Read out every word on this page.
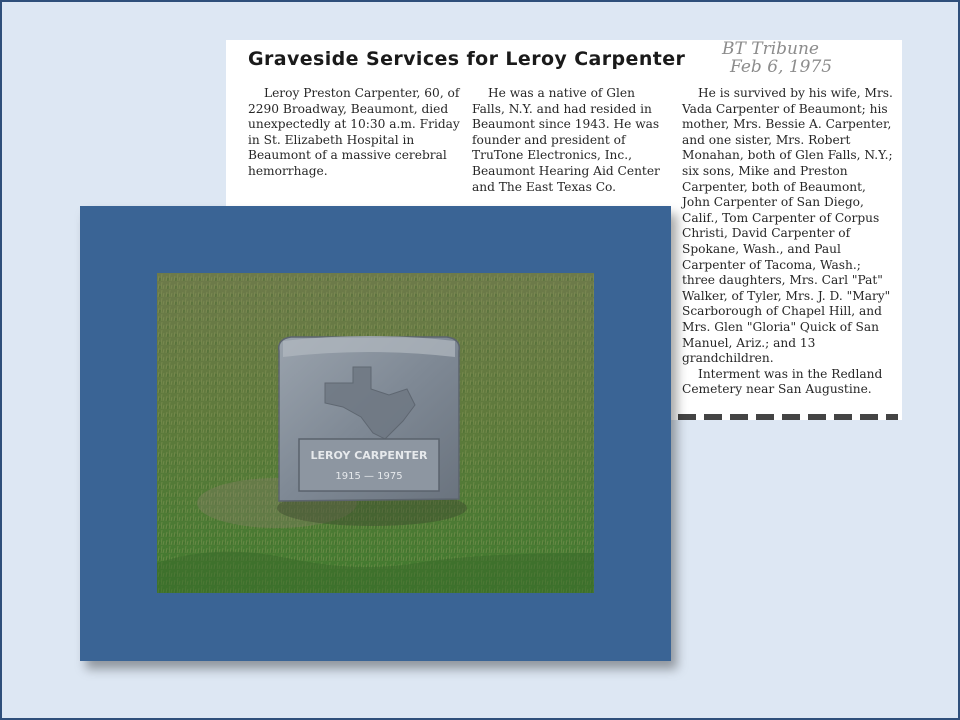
Graveside Services for Leroy Carpenter	BT Tribune
Feb 6, 1975
Leroy Preston Carpenter, 60, of 2290 Broadway, Beaumont, died unexpectedly at 10:30 a.m. Friday in St. Elizabeth Hospital in Beaumont of a massive cerebral hemorrhage.
He was a native of Glen Falls, N.Y. and had resided in Beaumont since 1943. He was founder and president of TruTone Electronics, Inc., Beaumont Hearing Aid Center and The East Texas Co.
He is survived by his wife, Mrs. Vada Carpenter of Beaumont; his mother, Mrs. Bessie A. Carpenter, and one sister, Mrs. Robert Monahan, both of Glen Falls, N.Y.; six sons, Mike and Preston Carpenter, both of Beaumont, John Carpenter of San Diego, Calif., Tom Carpenter of Corpus Christi, David Carpenter of Spokane, Wash., and Paul Carpenter of Tacoma, Wash.; three daughters, Mrs. Carl "Pat" Walker, of Tyler, Mrs. J. D. "Mary" Scarborough of Chapel Hill, and Mrs. Glen "Gloria" Quick of San Manuel, Ariz.; and 13 grandchildren.
Interment was in the Redland Cemetery near San Augustine.
LEROY CARPENTER
1915 — 1975
